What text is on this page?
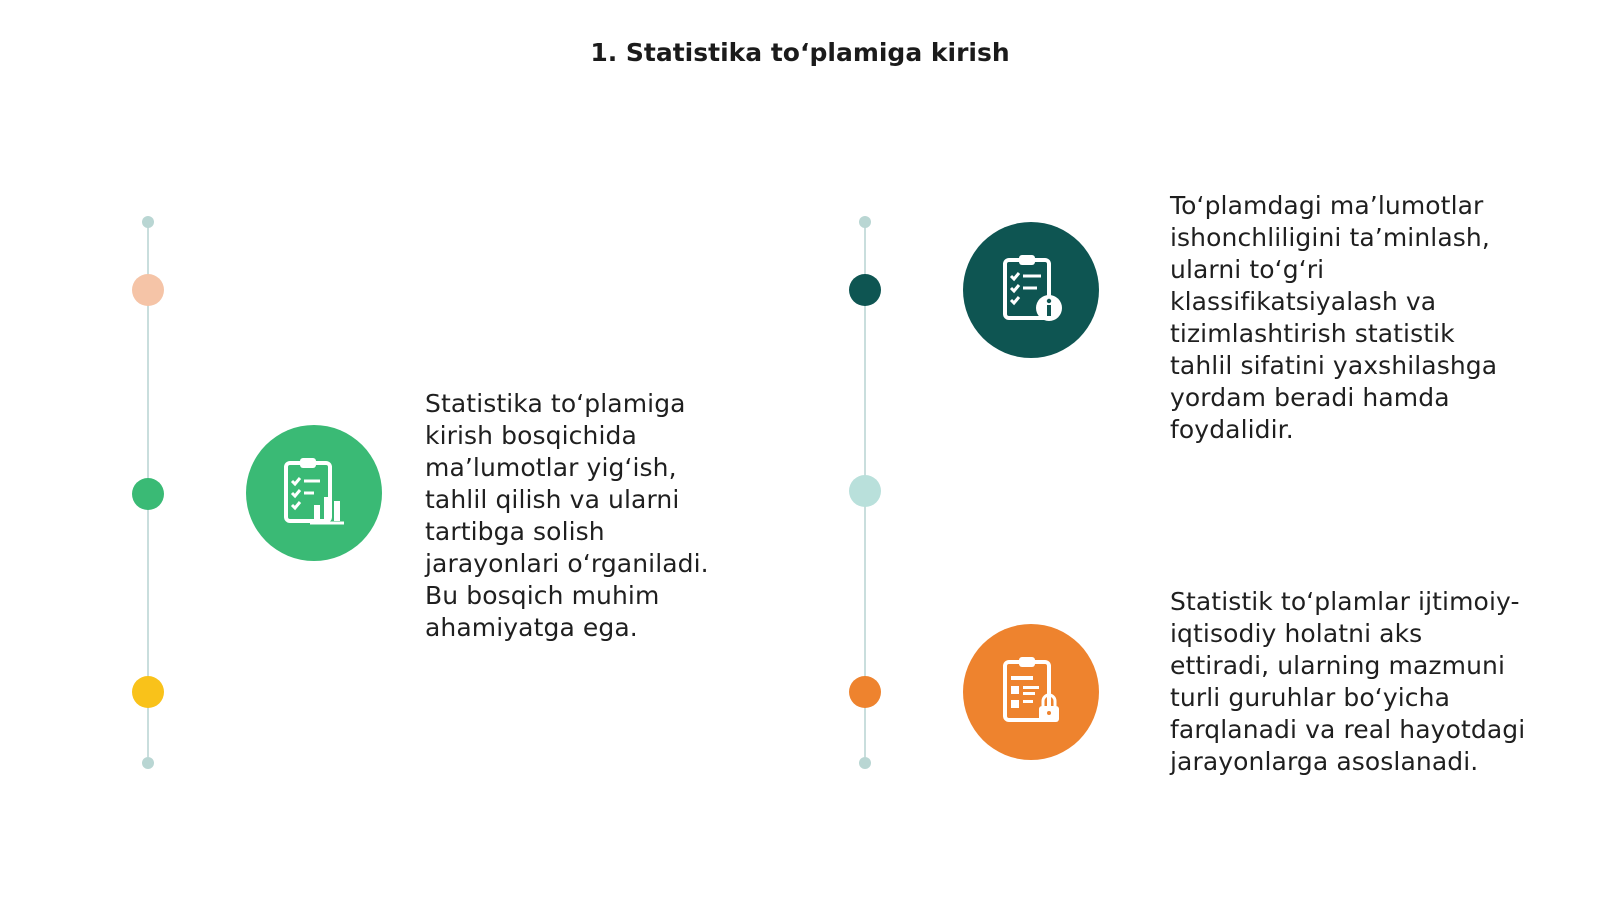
1. Statistika to‘plamiga kirish
Statistika to‘plamiga
kirish bosqichida
ma’lumotlar yig‘ish,
tahlil qilish va ularni
tartibga solish
jarayonlari o‘rganiladi.
Bu bosqich muhim
ahamiyatga ega.
To‘plamdagi ma’lumotlar
ishonchliligini ta’minlash,
ularni to‘g‘ri
klassifikatsiyalash va
tizimlashtirish statistik
tahlil sifatini yaxshilashga
yordam beradi hamda
foydalidir.
Statistik to‘plamlar ijtimoiy-
iqtisodiy holatni aks
ettiradi, ularning mazmuni
turli guruhlar bo‘yicha
farqlanadi va real hayotdagi
jarayonlarga asoslanadi.
